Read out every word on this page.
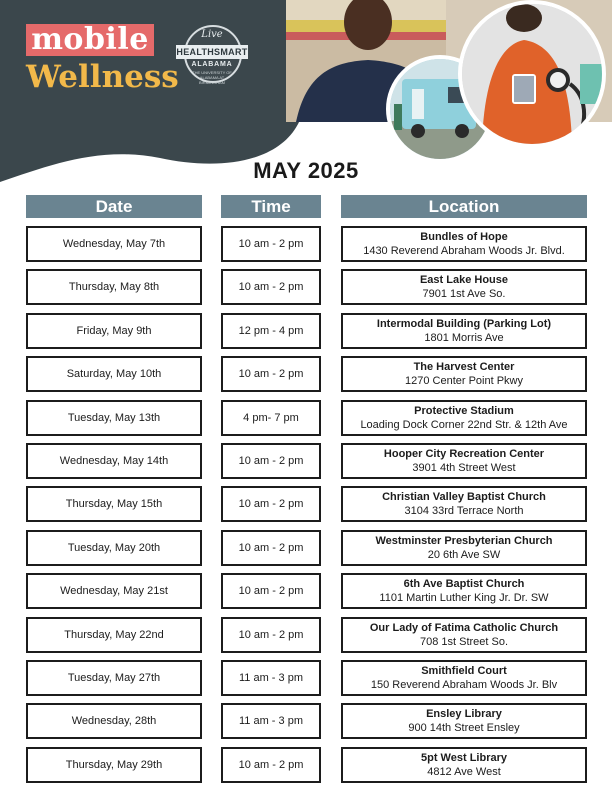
mobile
Wellness
Live
HEALTHSMART
ALABAMA
THE UNIVERSITY OF ALABAMA AT BIRMINGHAM
MAY 2025
Date	Time	Location
Wednesday, May 7th	10 am - 2 pm
Bundles of Hope
1430 Reverend Abraham Woods Jr. Blvd.
Thursday, May 8th	10 am - 2 pm
East Lake House
7901 1st Ave So.
Friday, May 9th	12 pm - 4 pm
Intermodal Building (Parking Lot)
1801 Morris Ave
Saturday, May 10th	10 am - 2 pm
The Harvest Center
1270 Center Point Pkwy
Tuesday, May 13th	4 pm- 7 pm
Protective Stadium
Loading Dock Corner 22nd Str. & 12th Ave
Wednesday, May 14th	10 am - 2 pm
Hooper City Recreation Center
3901 4th Street West
Thursday, May 15th	10 am - 2 pm
Christian Valley Baptist Church
3104 33rd Terrace North
Tuesday, May 20th	10 am - 2 pm
Westminster Presbyterian Church
20 6th Ave SW
Wednesday, May 21st	10 am - 2 pm
6th Ave Baptist Church
1101 Martin Luther King Jr. Dr. SW
Thursday, May 22nd	10 am - 2 pm
Our Lady of Fatima Catholic Church
708 1st Street So.
Tuesday, May 27th	11 am - 3 pm
Smithfield Court
150 Reverend Abraham Woods Jr. Blv
Wednesday, 28th	11 am - 3 pm
Ensley Library
900 14th Street Ensley
Thursday, May 29th	10 am - 2 pm
5pt West Library
4812 Ave West
